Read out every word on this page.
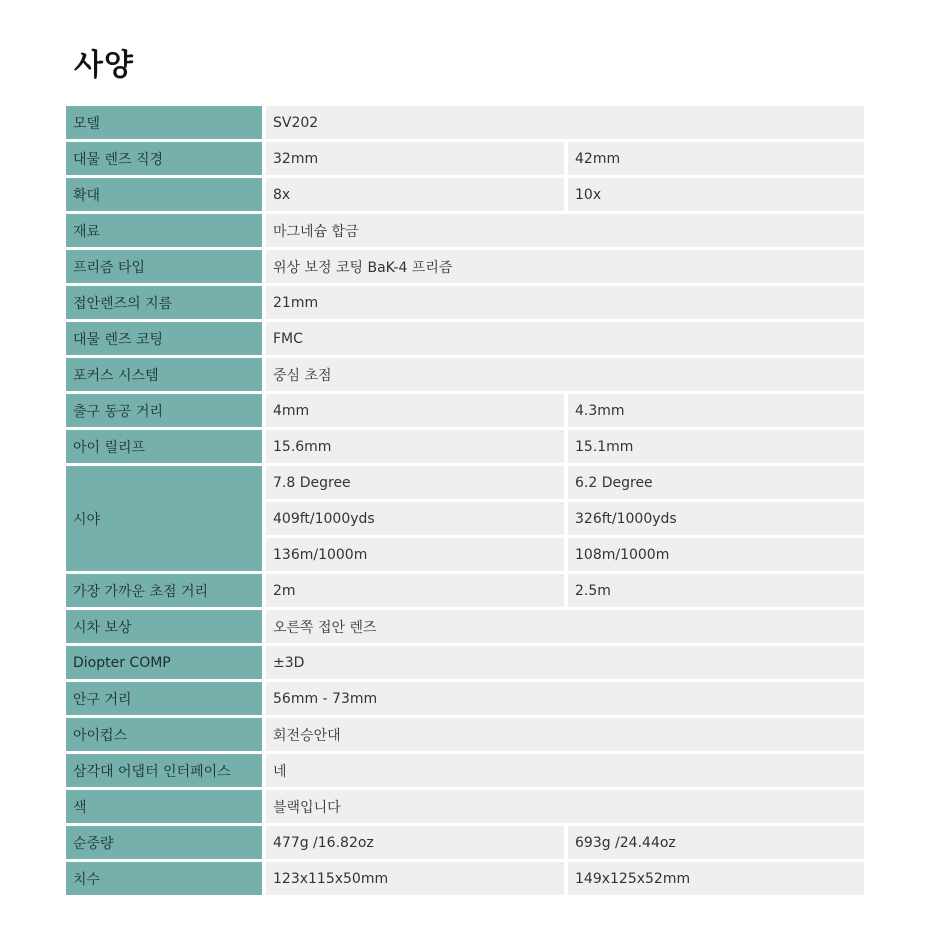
사양
모델	SV202	
대물 렌즈 직경	32mm	42mm
확대	8x	10x
재료	마그네슘 합금	
프리즘 타입	위상 보정 코팅 BaK-4 프리즘	
접안렌즈의 지름	21mm	
대물 렌즈 코팅	FMC	
포커스 시스템	중심 초점	
출구 동공 거리	4mm	4.3mm
아이 릴리프	15.6mm	15.1mm
시야	7.8 Degree	6.2 Degree
	409ft/1000yds	326ft/1000yds
	136m/1000m	108m/1000m
가장 가까운 초점 거리	2m	2.5m
시차 보상	오른쪽 접안 렌즈	
Diopter COMP	±3D	
안구 거리	56mm - 73mm	
아이컵스	회전승안대	
삼각대 어댑터 인터페이스	네	
색	블랙입니다	
순중량	477g /16.82oz	693g /24.44oz
치수	123x115x50mm	149x125x52mm
